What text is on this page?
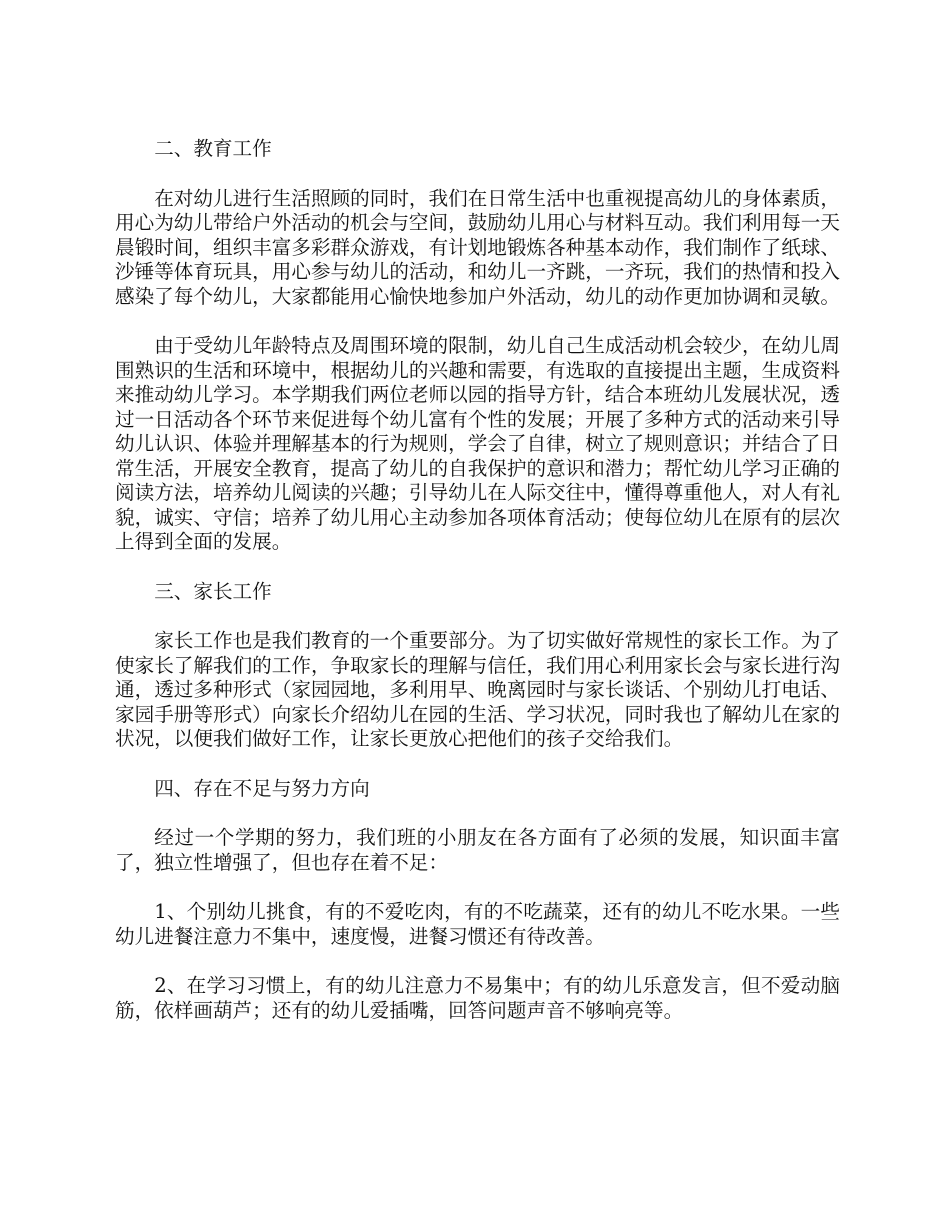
二、教育工作

在对幼儿进行生活照顾的同时，我们在日常生活中也重视提高幼儿的身体素质，用心为幼儿带给户外活动的机会与空间，鼓励幼儿用心与材料互动。我们利用每一天晨锻时间，组织丰富多彩群众游戏，有计划地锻炼各种基本动作，我们制作了纸球、沙锤等体育玩具，用心参与幼儿的活动，和幼儿一齐跳，一齐玩，我们的热情和投入感染了每个幼儿，大家都能用心愉快地参加户外活动，幼儿的动作更加协调和灵敏。

由于受幼儿年龄特点及周围环境的限制，幼儿自己生成活动机会较少，在幼儿周围熟识的生活和环境中，根据幼儿的兴趣和需要，有选取的直接提出主题，生成资料来推动幼儿学习。本学期我们两位老师以园的指导方针，结合本班幼儿发展状况，透过一日活动各个环节来促进每个幼儿富有个性的发展；开展了多种方式的活动来引导幼儿认识、体验并理解基本的行为规则，学会了自律，树立了规则意识；并结合了日常生活，开展安全教育，提高了幼儿的自我保护的意识和潜力；帮忙幼儿学习正确的阅读方法，培养幼儿阅读的兴趣；引导幼儿在人际交往中，懂得尊重他人，对人有礼貌，诚实、守信；培养了幼儿用心主动参加各项体育活动；使每位幼儿在原有的层次上得到全面的发展。

三、家长工作

家长工作也是我们教育的一个重要部分。为了切实做好常规性的家长工作。为了使家长了解我们的工作，争取家长的理解与信任，我们用心利用家长会与家长进行沟通，透过多种形式（家园园地，多利用早、晚离园时与家长谈话、个别幼儿打电话、家园手册等形式）向家长介绍幼儿在园的生活、学习状况，同时我也了解幼儿在家的状况，以便我们做好工作，让家长更放心把他们的孩子交给我们。

四、存在不足与努力方向

经过一个学期的努力，我们班的小朋友在各方面有了必须的发展，知识面丰富了，独立性增强了，但也存在着不足：

1、个别幼儿挑食，有的不爱吃肉，有的不吃蔬菜，还有的幼儿不吃水果。一些幼儿进餐注意力不集中，速度慢，进餐习惯还有待改善。

2、在学习习惯上，有的幼儿注意力不易集中；有的幼儿乐意发言，但不爱动脑筋，依样画葫芦；还有的幼儿爱插嘴，回答问题声音不够响亮等。
